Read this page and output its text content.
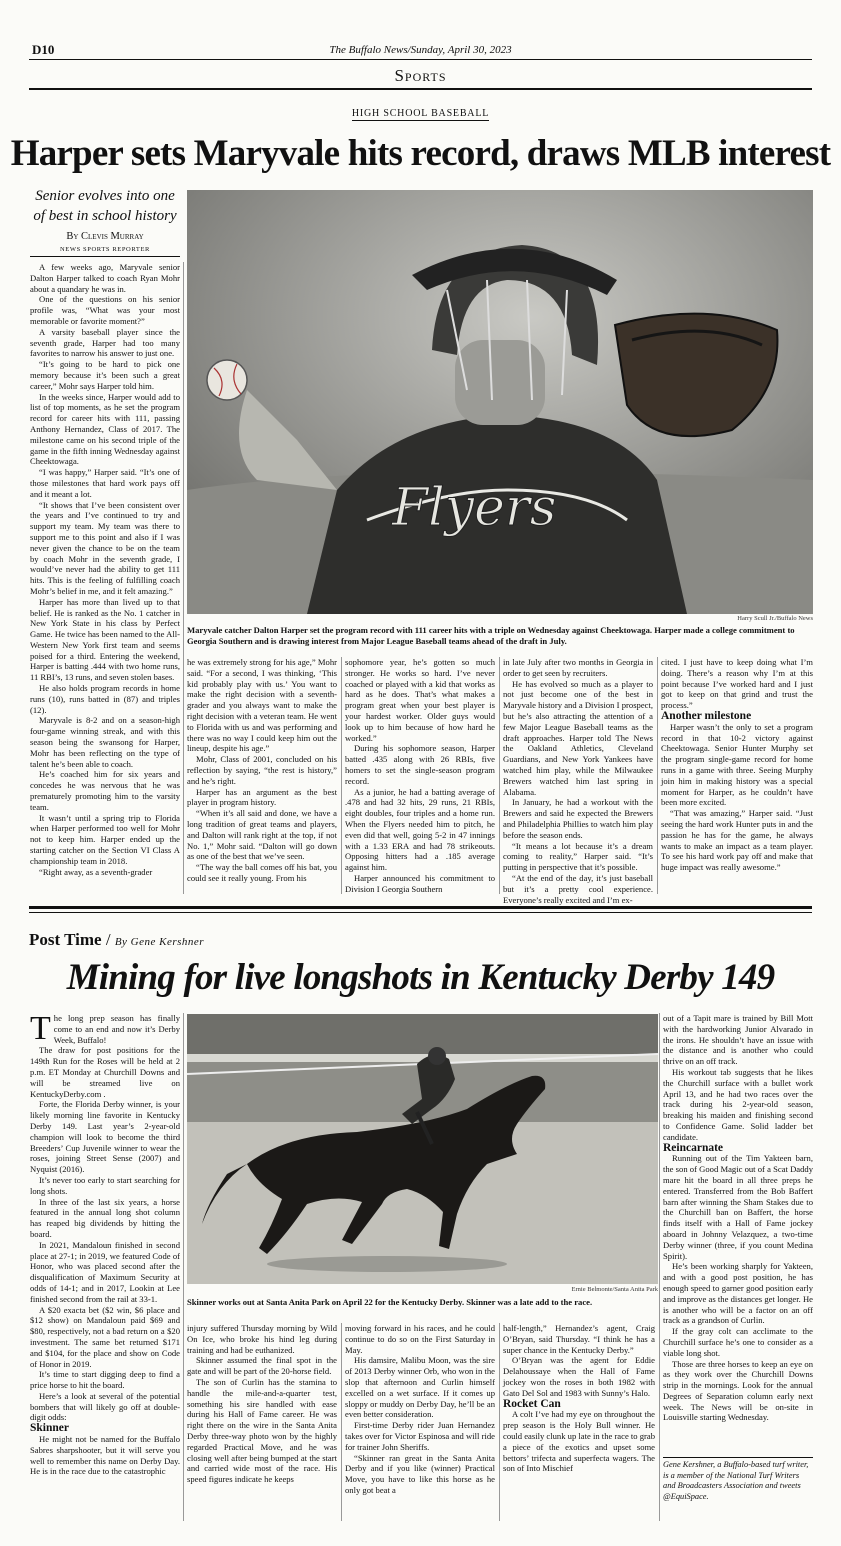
D10	The Buffalo News/Sunday, April 30, 2023
Sports
HIGH SCHOOL BASEBALL
Harper sets Maryvale hits record, draws MLB interest
Senior evolves into one of best in school history
By Clevis Murray
NEWS SPORTS REPORTER
Flyers
Harry Scull Jr./Buffalo News
Maryvale catcher Dalton Harper set the program record with 111 career hits with a triple on Wednesday against Cheektowaga. Harper made a college commitment to Georgia Southern and is drawing interest from Major League Baseball teams ahead of the draft in July.

A few weeks ago, Maryvale senior Dalton Harper talked to coach Ryan Mohr about a quandary he was in.

One of the questions on his senior profile was, “What was your most memorable or favorite moment?”

A varsity baseball player since the seventh grade, Harper had too many favorites to narrow his answer to just one.

“It’s going to be hard to pick one memory because it’s been such a great career,” Mohr says Harper told him.

In the weeks since, Harper would add to list of top moments, as he set the program record for career hits with 111, passing Anthony Hernandez, Class of 2017. The milestone came on his second triple of the game in the fifth inning Wednesday against Cheektowaga.

“I was happy,” Harper said. “It’s one of those milestones that hard work pays off and it meant a lot.

“It shows that I’ve been consistent over the years and I’ve continued to try and support my team. My team was there to support me to this point and also if I was never given the chance to be on the team by coach Mohr in the seventh grade, I would’ve never had the ability to get 111 hits. This is the feeling of fulfilling coach Mohr’s belief in me, and it felt amazing.”

Harper has more than lived up to that belief. He is ranked as the No. 1 catcher in New York State in his class by Perfect Game. He twice has been named to the All-Western New York first team and seems poised for a third. Entering the weekend, Harper is batting .444 with two home runs, 11 RBI’s, 13 runs, and seven stolen bases.

He also holds program records in home runs (10), runs batted in (87) and triples (12).

Maryvale is 8-2 and on a season-high four-game winning streak, and with this season being the swansong for Harper, Mohr has been reflecting on the type of talent he’s been able to coach.

He’s coached him for six years and concedes he was nervous that he was prematurely promoting him to the varsity team.

It wasn’t until a spring trip to Florida when Harper performed too well for Mohr not to keep him. Harper ended up the starting catcher on the Section VI Class A championship team in 2018.

“Right away, as a seventh-grader

he was extremely strong for his age,” Mohr said. “For a second, I was thinking, ‘This kid probably play with us.’ You want to make the right decision with a seventh-grader and you always want to make the right decision with a veteran team. He went to Florida with us and was performing and there was no way I could keep him out the lineup, despite his age.”

Mohr, Class of 2001, concluded on his reflection by saying, “the rest is history,” and he’s right.

Harper has an argument as the best player in program history.

“When it’s all said and done, we have a long tradition of great teams and players, and Dalton will rank right at the top, if not No. 1,” Mohr said. “Dalton will go down as one of the best that we’ve seen.

“The way the ball comes off his bat, you could see it really young. From his

sophomore year, he’s gotten so much stronger. He works so hard. I’ve never coached or played with a kid that works as hard as he does. That’s what makes a program great when your best player is your hardest worker. Older guys would look up to him because of how hard he worked.”

During his sophomore season, Harper batted .435 along with 26 RBIs, five homers to set the single-season program record.

As a junior, he had a batting average of .478 and had 32 hits, 29 runs, 21 RBIs, eight doubles, four triples and a home run. When the Flyers needed him to pitch, he even did that well, going 5-2 in 47 innings with a 1.33 ERA and had 78 strikeouts. Opposing hitters had a .185 average against him.

Harper announced his commitment to Division I Georgia Southern

in late July after two months in Georgia in order to get seen by recruiters.

He has evolved so much as a player to not just become one of the best in Maryvale history and a Division I prospect, but he’s also attracting the attention of a few Major League Baseball teams as the draft approaches. Harper told The News the Oakland Athletics, Cleveland Guardians, and New York Yankees have watched him play, while the Milwaukee Brewers watched him last spring in Alabama.

In January, he had a workout with the Brewers and said he expected the Brewers and Philadelphia Phillies to watch him play before the season ends.

“It means a lot because it’s a dream coming to reality,” Harper said. “It’s putting in perspective that it’s possible.

“At the end of the day, it’s just baseball but it’s a pretty cool experience. Everyone’s really excited and I’m ex-

cited. I just have to keep doing what I’m doing. There’s a reason why I’m at this point because I’ve worked hard and I just got to keep on that grind and trust the process.”

Another milestone

Harper wasn’t the only to set a program record in that 10-2 victory against Cheektowaga. Senior Hunter Murphy set the program single-game record for home runs in a game with three. Seeing Murphy join him in making history was a special moment for Harper, as he couldn’t have been more excited.

“That was amazing,” Harper said. “Just seeing the hard work Hunter puts in and the passion he has for the game, he always wants to make an impact as a team player. To see his hard work pay off and make that huge impact was really awesome.”

Post Time / By Gene Kershner
Mining for live longshots in Kentucky Derby 149
Ernie Belmonte/Santa Anita Park
Skinner works out at Santa Anita Park on April 22 for the Kentucky Derby. Skinner was a late add to the race.

The long prep season has finally come to an end and now it’s Derby Week, Buffalo!

The draw for post positions for the 149th Run for the Roses will be held at 2 p.m. ET Monday at Churchill Downs and will be streamed live on KentuckyDerby.com .

Forte, the Florida Derby winner, is your likely morning line favorite in Kentucky Derby 149. Last year’s 2-year-old champion will look to become the third Breeders’ Cup Juvenile winner to wear the roses, joining Street Sense (2007) and Nyquist (2016).

It’s never too early to start searching for long shots.

In three of the last six years, a horse featured in the annual long shot column has reaped big dividends by hitting the board.

In 2021, Mandaloun finished in second place at 27-1; in 2019, we featured Code of Honor, who was placed second after the disqualification of Maximum Security at odds of 14-1; and in 2017, Lookin at Lee finished second from the rail at 33-1.

A $20 exacta bet ($2 win, $6 place and $12 show) on Mandaloun paid $69 and $80, respectively, not a bad return on a $20 investment. The same bet returned $171 and $104, for the place and show on Code of Honor in 2019.

It’s time to start digging deep to find a price horse to hit the board.

Here’s a look at several of the potential bombers that will likely go off at double-digit odds:

Skinner

He might not be named for the Buffalo Sabres sharpshooter, but it will serve you well to remember this name on Derby Day. He is in the race due to the catastrophic

injury suffered Thursday morning by Wild On Ice, who broke his hind leg during training and had be euthanized.

Skinner assumed the final spot in the gate and will be part of the 20-horse field.

The son of Curlin has the stamina to handle the mile-and-a-quarter test, something his sire handled with ease during his Hall of Fame career. He was right there on the wire in the Santa Anita Derby three-way photo won by the highly regarded Practical Move, and he was closing well after being bumped at the start and carried wide most of the race. His speed figures indicate he keeps

moving forward in his races, and he could continue to do so on the First Saturday in May.

His damsire, Malibu Moon, was the sire of 2013 Derby winner Orb, who won in the slop that afternoon and Curlin himself excelled on a wet surface. If it comes up sloppy or muddy on Derby Day, he’ll be an even better consideration.

First-time Derby rider Juan Hernandez takes over for Victor Espinosa and will ride for trainer John Sheriffs.

“Skinner ran great in the Santa Anita Derby and if you like (winner) Practical Move, you have to like this horse as he only got beat a

half-length,” Hernandez’s agent, Craig O’Bryan, said Thursday. “I think he has a super chance in the Kentucky Derby.”

O’Bryan was the agent for Eddie Delahoussaye when the Hall of Fame jockey won the roses in both 1982 with Gato Del Sol and 1983 with Sunny’s Halo.

Rocket Can

A colt I’ve had my eye on throughout the prep season is the Holy Bull winner. He could easily clunk up late in the race to grab a piece of the exotics and upset some bettors’ trifecta and superfecta wagers. The son of Into Mischief

out of a Tapit mare is trained by Bill Mott with the hardworking Junior Alvarado in the irons. He shouldn’t have an issue with the distance and is another who could thrive on an off track.

His workout tab suggests that he likes the Churchill surface with a bullet work April 13, and he had two races over the track during his 2-year-old season, breaking his maiden and finishing second to Confidence Game. Solid ladder bet candidate.

Reincarnate

Running out of the Tim Yakteen barn, the son of Good Magic out of a Scat Daddy mare hit the board in all three preps he entered. Transferred from the Bob Baffert barn after winning the Sham Stakes due to the Churchill ban on Baffert, the horse finds itself with a Hall of Fame jockey aboard in Johnny Velazquez, a two-time Derby winner (three, if you count Medina Spirit).

He’s been working sharply for Yakteen, and with a good post position, he has enough speed to garner good position early and improve as the distances get longer. He is another who will be a factor on an off track as a grandson of Curlin.

If the gray colt can acclimate to the Churchill surface he’s one to consider as a viable long shot.

Those are three horses to keep an eye on as they work over the Churchill Downs strip in the mornings. Look for the annual Degrees of Separation column early next week. The News will be on-site in Louisville starting Wednesday.

Gene Kershner, a Buffalo-based turf writer, is a member of the National Turf Writers and Broadcasters Association and tweets @EquiSpace.
